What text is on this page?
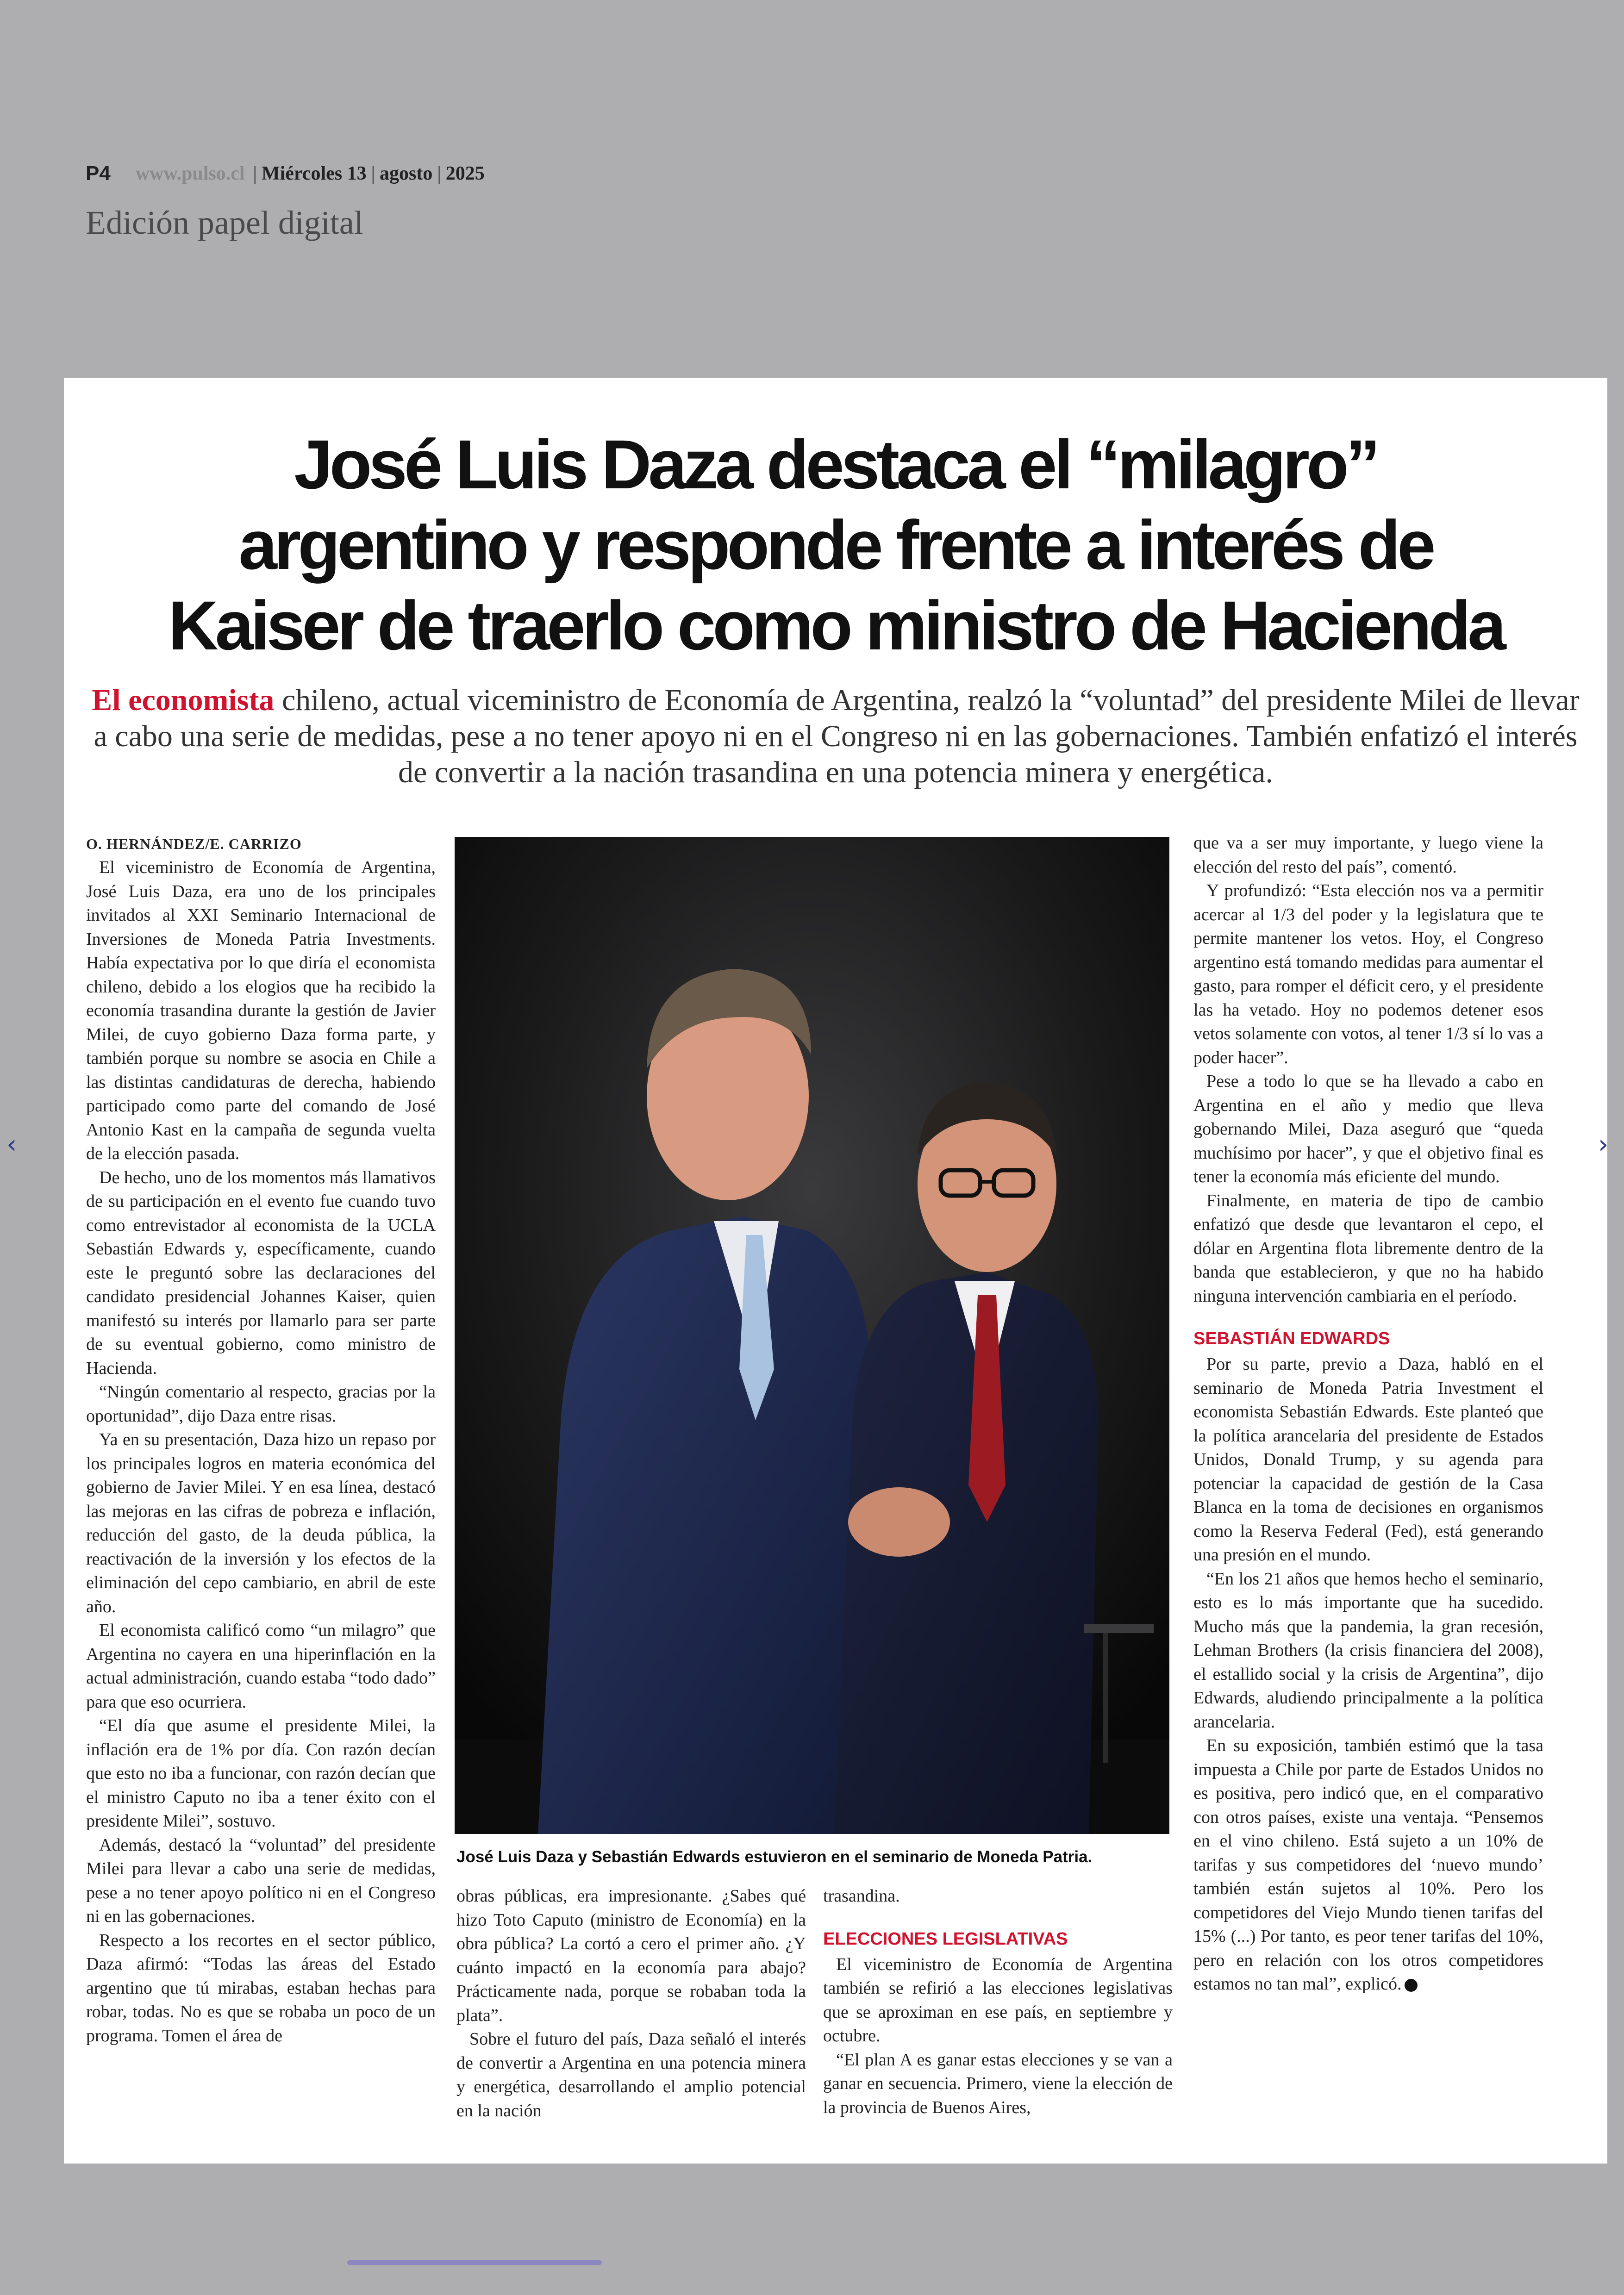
P4 www.pulso.cl | Miércoles 13 | agosto | 2025
Edición papel digital
José Luis Daza destaca el “milagro”
argentino y responde frente a interés de
Kaiser de traerlo como ministro de Hacienda
El economista chileno, actual viceministro de Economía de Argentina, realzó la “voluntad” del presidente Milei de llevar a cabo una serie de medidas, pese a no tener apoyo ni en el Congreso ni en las gobernaciones. También enfatizó el interés de convertir a la nación trasandina en una potencia minera y energética.
O. HERNÁNDEZ/E. CARRIZO

El viceministro de Economía de Argentina, José Luis Daza, era uno de los principales invitados al XXI Seminario Internacional de Inversiones de Moneda Patria Investments. Había expectativa por lo que diría el economista chileno, debido a los elogios que ha recibido la economía trasandina durante la gestión de Javier Milei, de cuyo gobierno Daza forma parte, y también porque su nombre se asocia en Chile a las distintas candidaturas de derecha, habiendo participado como parte del comando de José Antonio Kast en la campaña de segunda vuelta de la elección pasada.

De hecho, uno de los momentos más llamativos de su participación en el evento fue cuando tuvo como entrevistador al economista de la UCLA Sebastián Edwards y, específicamente, cuando este le preguntó sobre las declaraciones del candidato presidencial Johannes Kaiser, quien manifestó su interés por llamarlo para ser parte de su eventual gobierno, como ministro de Hacienda.

“Ningún comentario al respecto, gracias por la oportunidad”, dijo Daza entre risas.

Ya en su presentación, Daza hizo un repaso por los principales logros en materia económica del gobierno de Javier Milei. Y en esa línea, destacó las mejoras en las cifras de pobreza e inflación, reducción del gasto, de la deuda pública, la reactivación de la inversión y los efectos de la eliminación del cepo cambiario, en abril de este año.

El economista calificó como “un milagro” que Argentina no cayera en una hiperinflación en la actual administración, cuando estaba “todo dado” para que eso ocurriera.

“El día que asume el presidente Milei, la inflación era de 1% por día. Con razón decían que esto no iba a funcionar, con razón decían que el ministro Caputo no iba a tener éxito con el presidente Milei”, sostuvo.

Además, destacó la “voluntad” del presidente Milei para llevar a cabo una serie de medidas, pese a no tener apoyo político ni en el Congreso ni en las gobernaciones.

Respecto a los recortes en el sector público, Daza afirmó: “Todas las áreas del Estado argentino que tú mirabas, estaban hechas para robar, todas. No es que se robaba un poco de un programa. Tomen el área de

José Luis Daza y Sebastián Edwards estuvieron en el seminario de Moneda Patria.

obras públicas, era impresionante. ¿Sabes qué hizo Toto Caputo (ministro de Economía) en la obra pública? La cortó a cero el primer año. ¿Y cuánto impactó en la economía para abajo? Prácticamente nada, porque se robaban toda la plata”.

Sobre el futuro del país, Daza señaló el interés de convertir a Argentina en una potencia minera y energética, desarrollando el amplio potencial en la nación

trasandina.

ELECCIONES LEGISLATIVAS

El viceministro de Economía de Argentina también se refirió a las elecciones legislativas que se aproximan en ese país, en septiembre y octubre.

“El plan A es ganar estas elecciones y se van a ganar en secuencia. Primero, viene la elección de la provincia de Buenos Aires,

que va a ser muy importante, y luego viene la elección del resto del país”, comentó.

Y profundizó: “Esta elección nos va a permitir acercar al 1/3 del poder y la legislatura que te permite mantener los vetos. Hoy, el Congreso argentino está tomando medidas para aumentar el gasto, para romper el déficit cero, y el presidente las ha vetado. Hoy no podemos detener esos vetos solamente con votos, al tener 1/3 sí lo vas a poder hacer”.

Pese a todo lo que se ha llevado a cabo en Argentina en el año y medio que lleva gobernando Milei, Daza aseguró que “queda muchísimo por hacer”, y que el objetivo final es tener la economía más eficiente del mundo.

Finalmente, en materia de tipo de cambio enfatizó que desde que levantaron el cepo, el dólar en Argentina flota libremente dentro de la banda que establecieron, y que no ha habido ninguna intervención cambiaria en el período.

SEBASTIÁN EDWARDS

Por su parte, previo a Daza, habló en el seminario de Moneda Patria Investment el economista Sebastián Edwards. Este planteó que la política arancelaria del presidente de Estados Unidos, Donald Trump, y su agenda para potenciar la capacidad de gestión de la Casa Blanca en la toma de decisiones en organismos como la Reserva Federal (Fed), está generando una presión en el mundo.

“En los 21 años que hemos hecho el seminario, esto es lo más importante que ha sucedido. Mucho más que la pandemia, la gran recesión, Lehman Brothers (la crisis financiera del 2008), el estallido social y la crisis de Argentina”, dijo Edwards, aludiendo principalmente a la política arancelaria.

En su exposición, también estimó que la tasa impuesta a Chile por parte de Estados Unidos no es positiva, pero indicó que, en el comparativo con otros países, existe una ventaja. “Pensemos en el vino chileno. Está sujeto a un 10% de tarifas y sus competidores del ‘nuevo mundo’ también están sujetos al 10%. Pero los competidores del Viejo Mundo tienen tarifas del 15% (...) Por tanto, es peor tener tarifas del 10%, pero en relación con los otros competidores estamos no tan mal”, explicó.

‹	›
